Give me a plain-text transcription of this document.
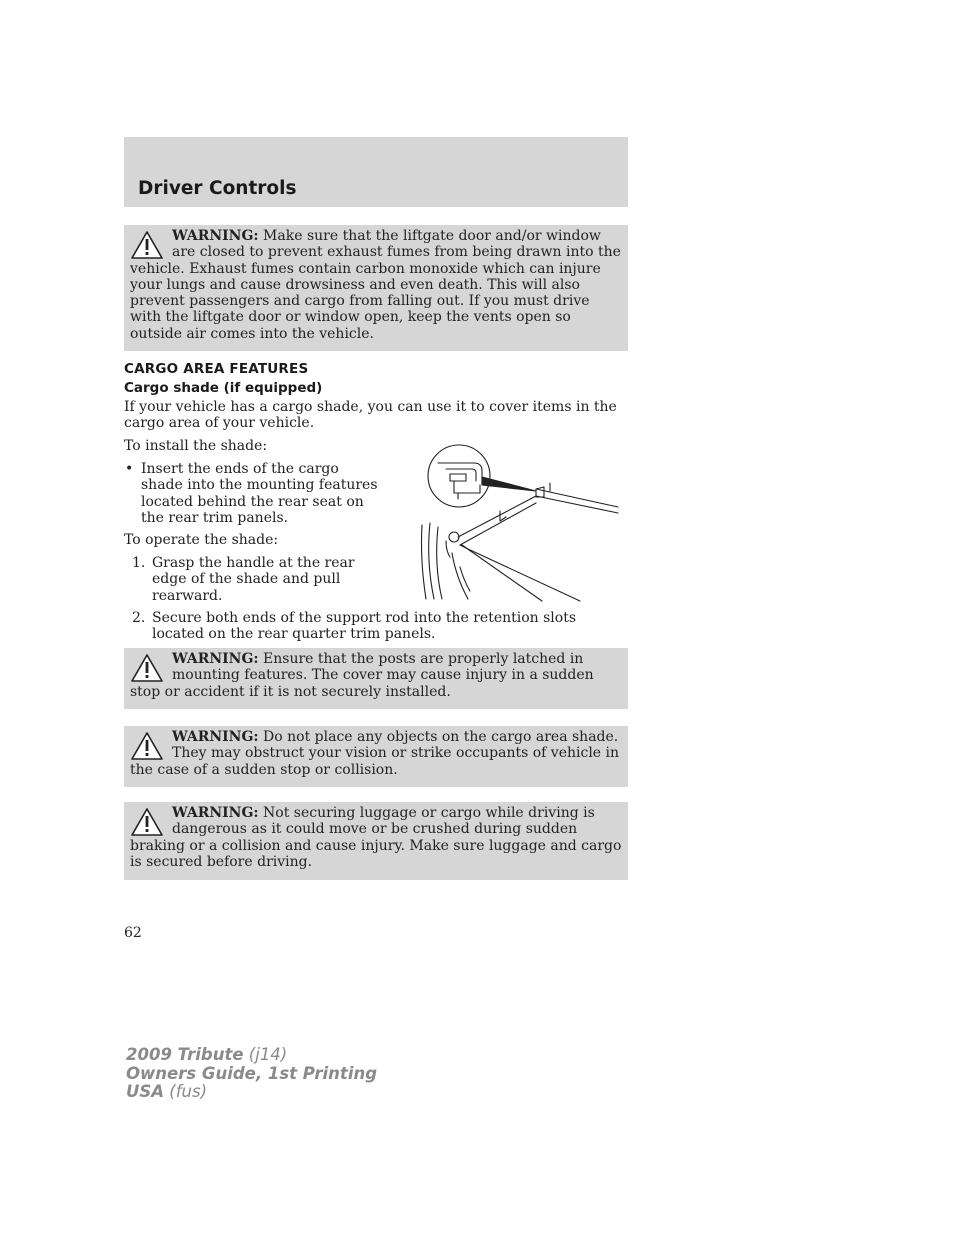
Driver Controls
WARNING: Make sure that the liftgate door and/or window are closed to prevent exhaust fumes from being drawn into the vehicle. Exhaust fumes contain carbon monoxide which can injure your lungs and cause drowsiness and even death. This will also prevent passengers and cargo from falling out. If you must drive with the liftgate door or window open, keep the vents open so outside air comes into the vehicle.
CARGO AREA FEATURES
Cargo shade (if equipped)

If your vehicle has a cargo shade, you can use it to cover items in the cargo area of your vehicle.

To install the shade:

• Insert the ends of the cargo shade into the mounting features located behind the rear seat on the rear trim panels.

To operate the shade:

1. Grasp the handle at the rear edge of the shade and pull rearward.
2. Secure both ends of the support rod into the retention slots located on the rear quarter trim panels.
WARNING: Ensure that the posts are properly latched in mounting features. The cover may cause injury in a sudden stop or accident if it is not securely installed.
WARNING: Do not place any objects on the cargo area shade. They may obstruct your vision or strike occupants of vehicle in the case of a sudden stop or collision.
WARNING: Not securing luggage or cargo while driving is dangerous as it could move or be crushed during sudden braking or a collision and cause injury. Make sure luggage and cargo is secured before driving.

62

2009 Tribute (j14)
Owners Guide, 1st Printing
USA (fus)
